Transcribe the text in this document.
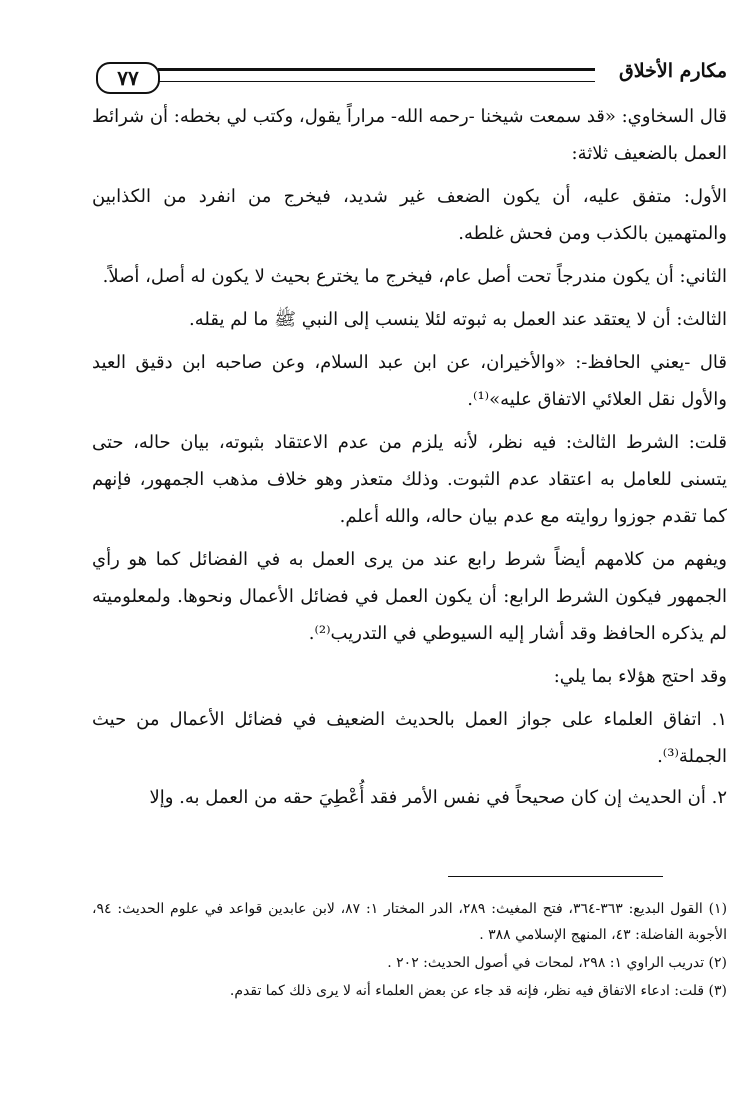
٧٧	مكارم الأخلاق

قال السخاوي: «قد سمعت شيخنا -رحمه الله- مراراً يقول، وكتب لي بخطه: أن شرائط العمل بالضعيف ثلاثة:

الأول: متفق عليه، أن يكون الضعف غير شديد، فيخرج من انفرد من الكذابين والمتهمين بالكذب ومن فحش غلطه.

الثاني: أن يكون مندرجاً تحت أصل عام، فيخرج ما يخترع بحيث لا يكون له أصل، أصلاً.

الثالث: أن لا يعتقد عند العمل به ثبوته لئلا ينسب إلى النبي ﷺ ما لم يقله.

قال -يعني الحافظ-: «والأخيران، عن ابن عبد السلام، وعن صاحبه ابن دقيق العيد والأول نقل العلائي الاتفاق عليه»⁽¹⁾.

قلت: الشرط الثالث: فيه نظر، لأنه يلزم من عدم الاعتقاد بثبوته، بيان حاله، حتى يتسنى للعامل به اعتقاد عدم الثبوت. وذلك متعذر وهو خلاف مذهب الجمهور، فإنهم كما تقدم جوزوا روايته مع عدم بيان حاله، والله أعلم.

ويفهم من كلامهم أيضاً شرط رابع عند من يرى العمل به في الفضائل كما هو رأي الجمهور فيكون الشرط الرابع: أن يكون العمل في فضائل الأعمال ونحوها. ولمعلوميته لم يذكره الحافظ وقد أشار إليه السيوطي في التدريب⁽²⁾.

وقد احتج هؤلاء بما يلي:

١. اتفاق العلماء على جواز العمل بالحديث الضعيف في فضائل الأعمال من حيث الجملة⁽³⁾.

٢. أن الحديث إن كان صحيحاً في نفس الأمر فقد أُعْطِيَ حقه من العمل به. وإلا

(١) القول البديع: ٣٦٣-٣٦٤، فتح المغيث: ٢٨٩، الدر المختار ١: ٨٧، لابن عابدين قواعد في علوم الحديث: ٩٤، الأجوبة الفاضلة: ٤٣، المنهج الإسلامي ٣٨٨ .

(٢) تدريب الراوي ١: ٢٩٨، لمحات في أصول الحديث: ٢٠٢ .

(٣) قلت: ادعاء الاتفاق فيه نظر، فإنه قد جاء عن بعض العلماء أنه لا يرى ذلك كما تقدم.
